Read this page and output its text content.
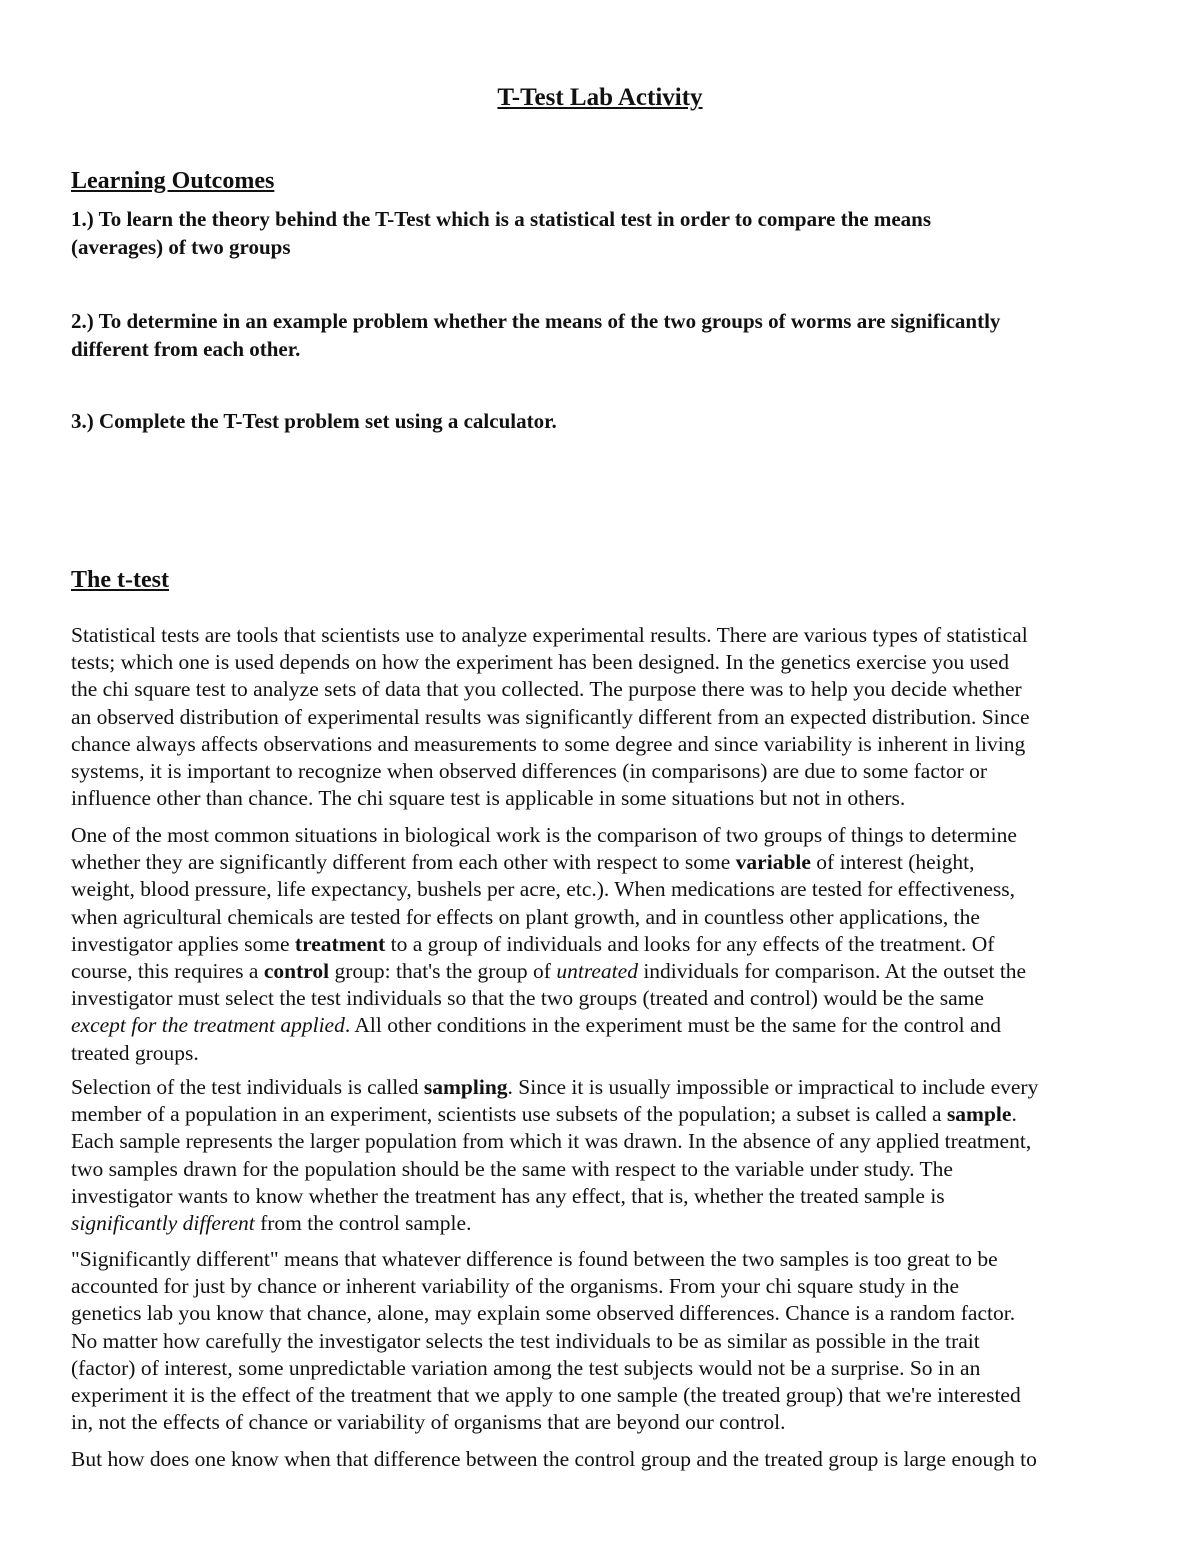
T-Test Lab Activity
Learning Outcomes
1.) To learn the theory behind the T-Test which is a statistical test in order to compare the means
(averages) of two groups
2.) To determine in an example problem whether the means of the two groups of worms are significantly
different from each other.
3.) Complete the T-Test problem set using a calculator.
The t-test
Statistical tests are tools that scientists use to analyze experimental results. There are various types of statistical
tests; which one is used depends on how the experiment has been designed. In the genetics exercise you used
the chi square test to analyze sets of data that you collected. The purpose there was to help you decide whether
an observed distribution of experimental results was significantly different from an expected distribution. Since
chance always affects observations and measurements to some degree and since variability is inherent in living
systems, it is important to recognize when observed differences (in comparisons) are due to some factor or
influence other than chance. The chi square test is applicable in some situations but not in others.
One of the most common situations in biological work is the comparison of two groups of things to determine
whether they are significantly different from each other with respect to some variable of interest (height,
weight, blood pressure, life expectancy, bushels per acre, etc.). When medications are tested for effectiveness,
when agricultural chemicals are tested for effects on plant growth, and in countless other applications, the
investigator applies some treatment to a group of individuals and looks for any effects of the treatment. Of
course, this requires a control group: that's the group of untreated individuals for comparison. At the outset the
investigator must select the test individuals so that the two groups (treated and control) would be the same
except for the treatment applied. All other conditions in the experiment must be the same for the control and
treated groups.
Selection of the test individuals is called sampling. Since it is usually impossible or impractical to include every
member of a population in an experiment, scientists use subsets of the population; a subset is called a sample.
Each sample represents the larger population from which it was drawn. In the absence of any applied treatment,
two samples drawn for the population should be the same with respect to the variable under study. The
investigator wants to know whether the treatment has any effect, that is, whether the treated sample is
significantly different from the control sample.
"Significantly different" means that whatever difference is found between the two samples is too great to be
accounted for just by chance or inherent variability of the organisms. From your chi square study in the
genetics lab you know that chance, alone, may explain some observed differences. Chance is a random factor.
No matter how carefully the investigator selects the test individuals to be as similar as possible in the trait
(factor) of interest, some unpredictable variation among the test subjects would not be a surprise. So in an
experiment it is the effect of the treatment that we apply to one sample (the treated group) that we're interested
in, not the effects of chance or variability of organisms that are beyond our control.
But how does one know when that difference between the control group and the treated group is large enough to
